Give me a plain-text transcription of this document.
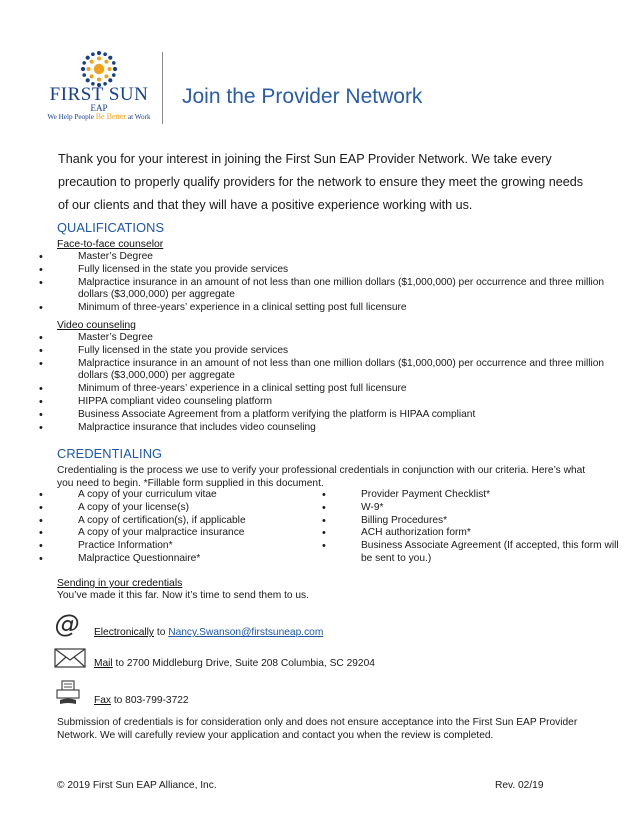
FIRST SUN
EAP
We Help People Be Better at Work
Join the Provider Network
Thank you for your interest in joining the First Sun EAP Provider Network. We take every precaution to properly qualify providers for the network to ensure they meet the growing needs of our clients and that they will have a positive experience working with us.
QUALIFICATIONS
Face-to-face counselor
• Master’s Degree
• Fully licensed in the state you provide services
• Malpractice insurance in an amount of not less than one million dollars ($1,000,000) per occurrence and three million dollars ($3,000,000) per aggregate
• Minimum of three-years’ experience in a clinical setting post full licensure
Video counseling
• Master’s Degree
• Fully licensed in the state you provide services
• Malpractice insurance in an amount of not less than one million dollars ($1,000,000) per occurrence and three million dollars ($3,000,000) per aggregate
• Minimum of three-years’ experience in a clinical setting post full licensure
• HIPPA compliant video counseling platform
• Business Associate Agreement from a platform verifying the platform is HIPAA compliant
• Malpractice insurance that includes video counseling
CREDENTIALING
Credentialing is the process we use to verify your professional credentials in conjunction with our criteria. Here’s what you need to begin. *Fillable form supplied in this document.
• A copy of your curriculum vitae
• A copy of your license(s)
• A copy of certification(s), if applicable
• A copy of your malpractice insurance
• Practice Information*
• Malpractice Questionnaire*
• Provider Payment Checklist*
• W-9*
• Billing Procedures*
• ACH authorization form*
• Business Associate Agreement (If accepted, this form will be sent to you.)
Sending in your credentials
You’ve made it this far. Now it’s time to send them to us.
@ Electronically to Nancy.Swanson@firstsuneap.com
Mail to 2700 Middleburg Drive, Suite 208 Columbia, SC 29204
Fax to 803-799-3722
Submission of credentials is for consideration only and does not ensure acceptance into the First Sun EAP Provider Network. We will carefully review your application and contact you when the review is completed.
© 2019 First Sun EAP Alliance, Inc.	Rev. 02/19
